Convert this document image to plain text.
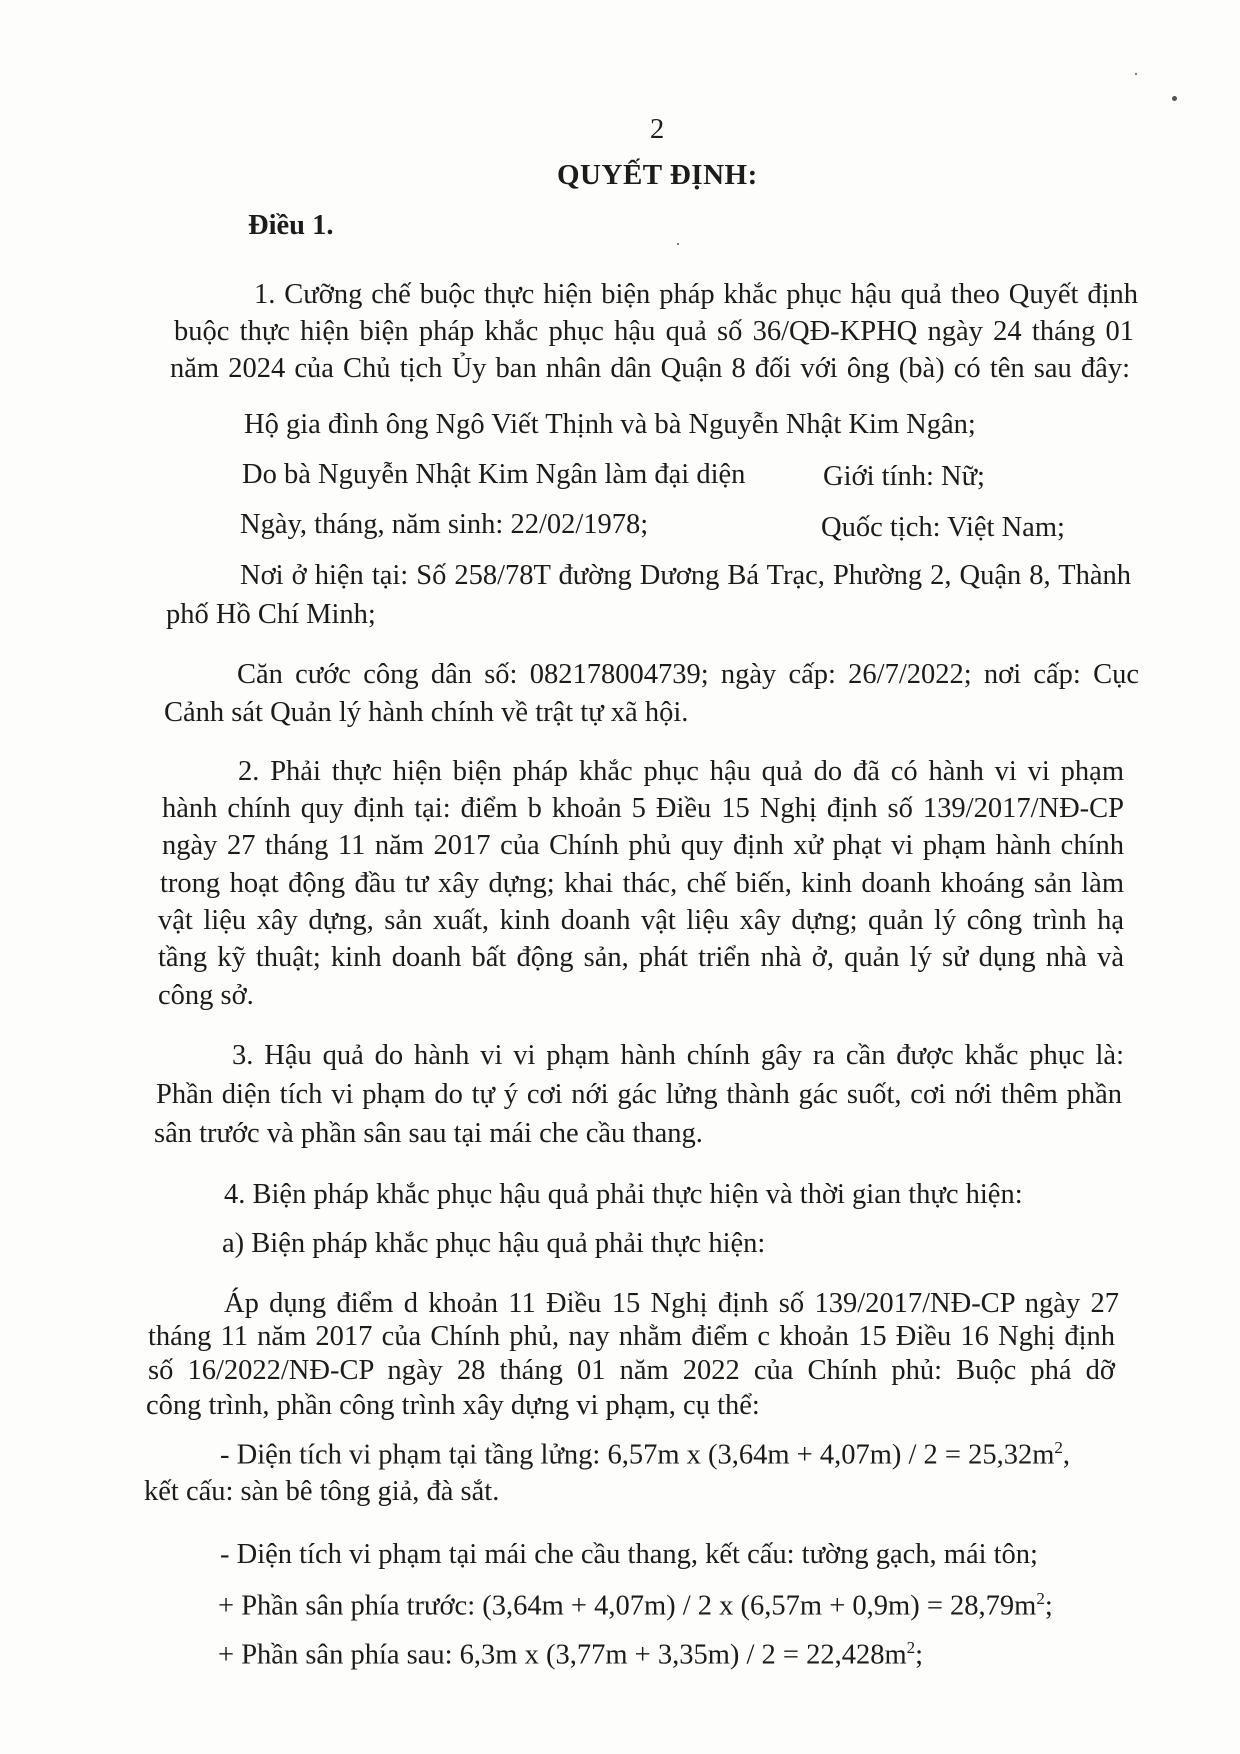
2
QUYẾT ĐỊNH:
Điều 1.
1. Cưỡng chế buộc thực hiện biện pháp khắc phục hậu quả theo Quyết định
buộc thực hiện biện pháp khắc phục hậu quả số 36/QĐ-KPHQ ngày 24 tháng 01
năm 2024 của Chủ tịch Ủy ban nhân dân Quận 8 đối với ông (bà) có tên sau đây:
Hộ gia đình ông Ngô Viết Thịnh và bà Nguyễn Nhật Kim Ngân;
Do bà Nguyễn Nhật Kim Ngân làm đại diện	Giới tính: Nữ;
Ngày, tháng, năm sinh: 22/02/1978;	Quốc tịch: Việt Nam;
Nơi ở hiện tại: Số 258/78T đường Dương Bá Trạc, Phường 2, Quận 8, Thành
phố Hồ Chí Minh;
Căn cước công dân số: 082178004739; ngày cấp: 26/7/2022; nơi cấp: Cục
Cảnh sát Quản lý hành chính về trật tự xã hội.
2. Phải thực hiện biện pháp khắc phục hậu quả do đã có hành vi vi phạm
hành chính quy định tại: điểm b khoản 5 Điều 15 Nghị định số 139/2017/NĐ-CP
ngày 27 tháng 11 năm 2017 của Chính phủ quy định xử phạt vi phạm hành chính
trong hoạt động đầu tư xây dựng; khai thác, chế biến, kinh doanh khoáng sản làm
vật liệu xây dựng, sản xuất, kinh doanh vật liệu xây dựng; quản lý công trình hạ
tầng kỹ thuật; kinh doanh bất động sản, phát triển nhà ở, quản lý sử dụng nhà và
công sở.
3. Hậu quả do hành vi vi phạm hành chính gây ra cần được khắc phục là:
Phần diện tích vi phạm do tự ý cơi nới gác lửng thành gác suốt, cơi nới thêm phần
sân trước và phần sân sau tại mái che cầu thang.
4. Biện pháp khắc phục hậu quả phải thực hiện và thời gian thực hiện:
a) Biện pháp khắc phục hậu quả phải thực hiện:
Áp dụng điểm d khoản 11 Điều 15 Nghị định số 139/2017/NĐ-CP ngày 27
tháng 11 năm 2017 của Chính phủ, nay nhằm điểm c khoản 15 Điều 16 Nghị định
số 16/2022/NĐ-CP ngày 28 tháng 01 năm 2022 của Chính phủ: Buộc phá dỡ
công trình, phần công trình xây dựng vi phạm, cụ thể:
- Diện tích vi phạm tại tầng lửng: 6,57m x $(3,64m + 4,07m) / 2 = 25,32m^2$,
kết cấu: sàn bê tông giả, đà sắt.
- Diện tích vi phạm tại mái che cầu thang, kết cấu: tường gạch, mái tôn;
+ Phần sân phía trước: (3,64m + 4,07m) / 2 x $(6,57m + 0,9m) = 28,79m^2$;
+ Phần sân phía sau: 6,3m x $(3,77m + 3,35m) / 2 = 22,428m^2$;
